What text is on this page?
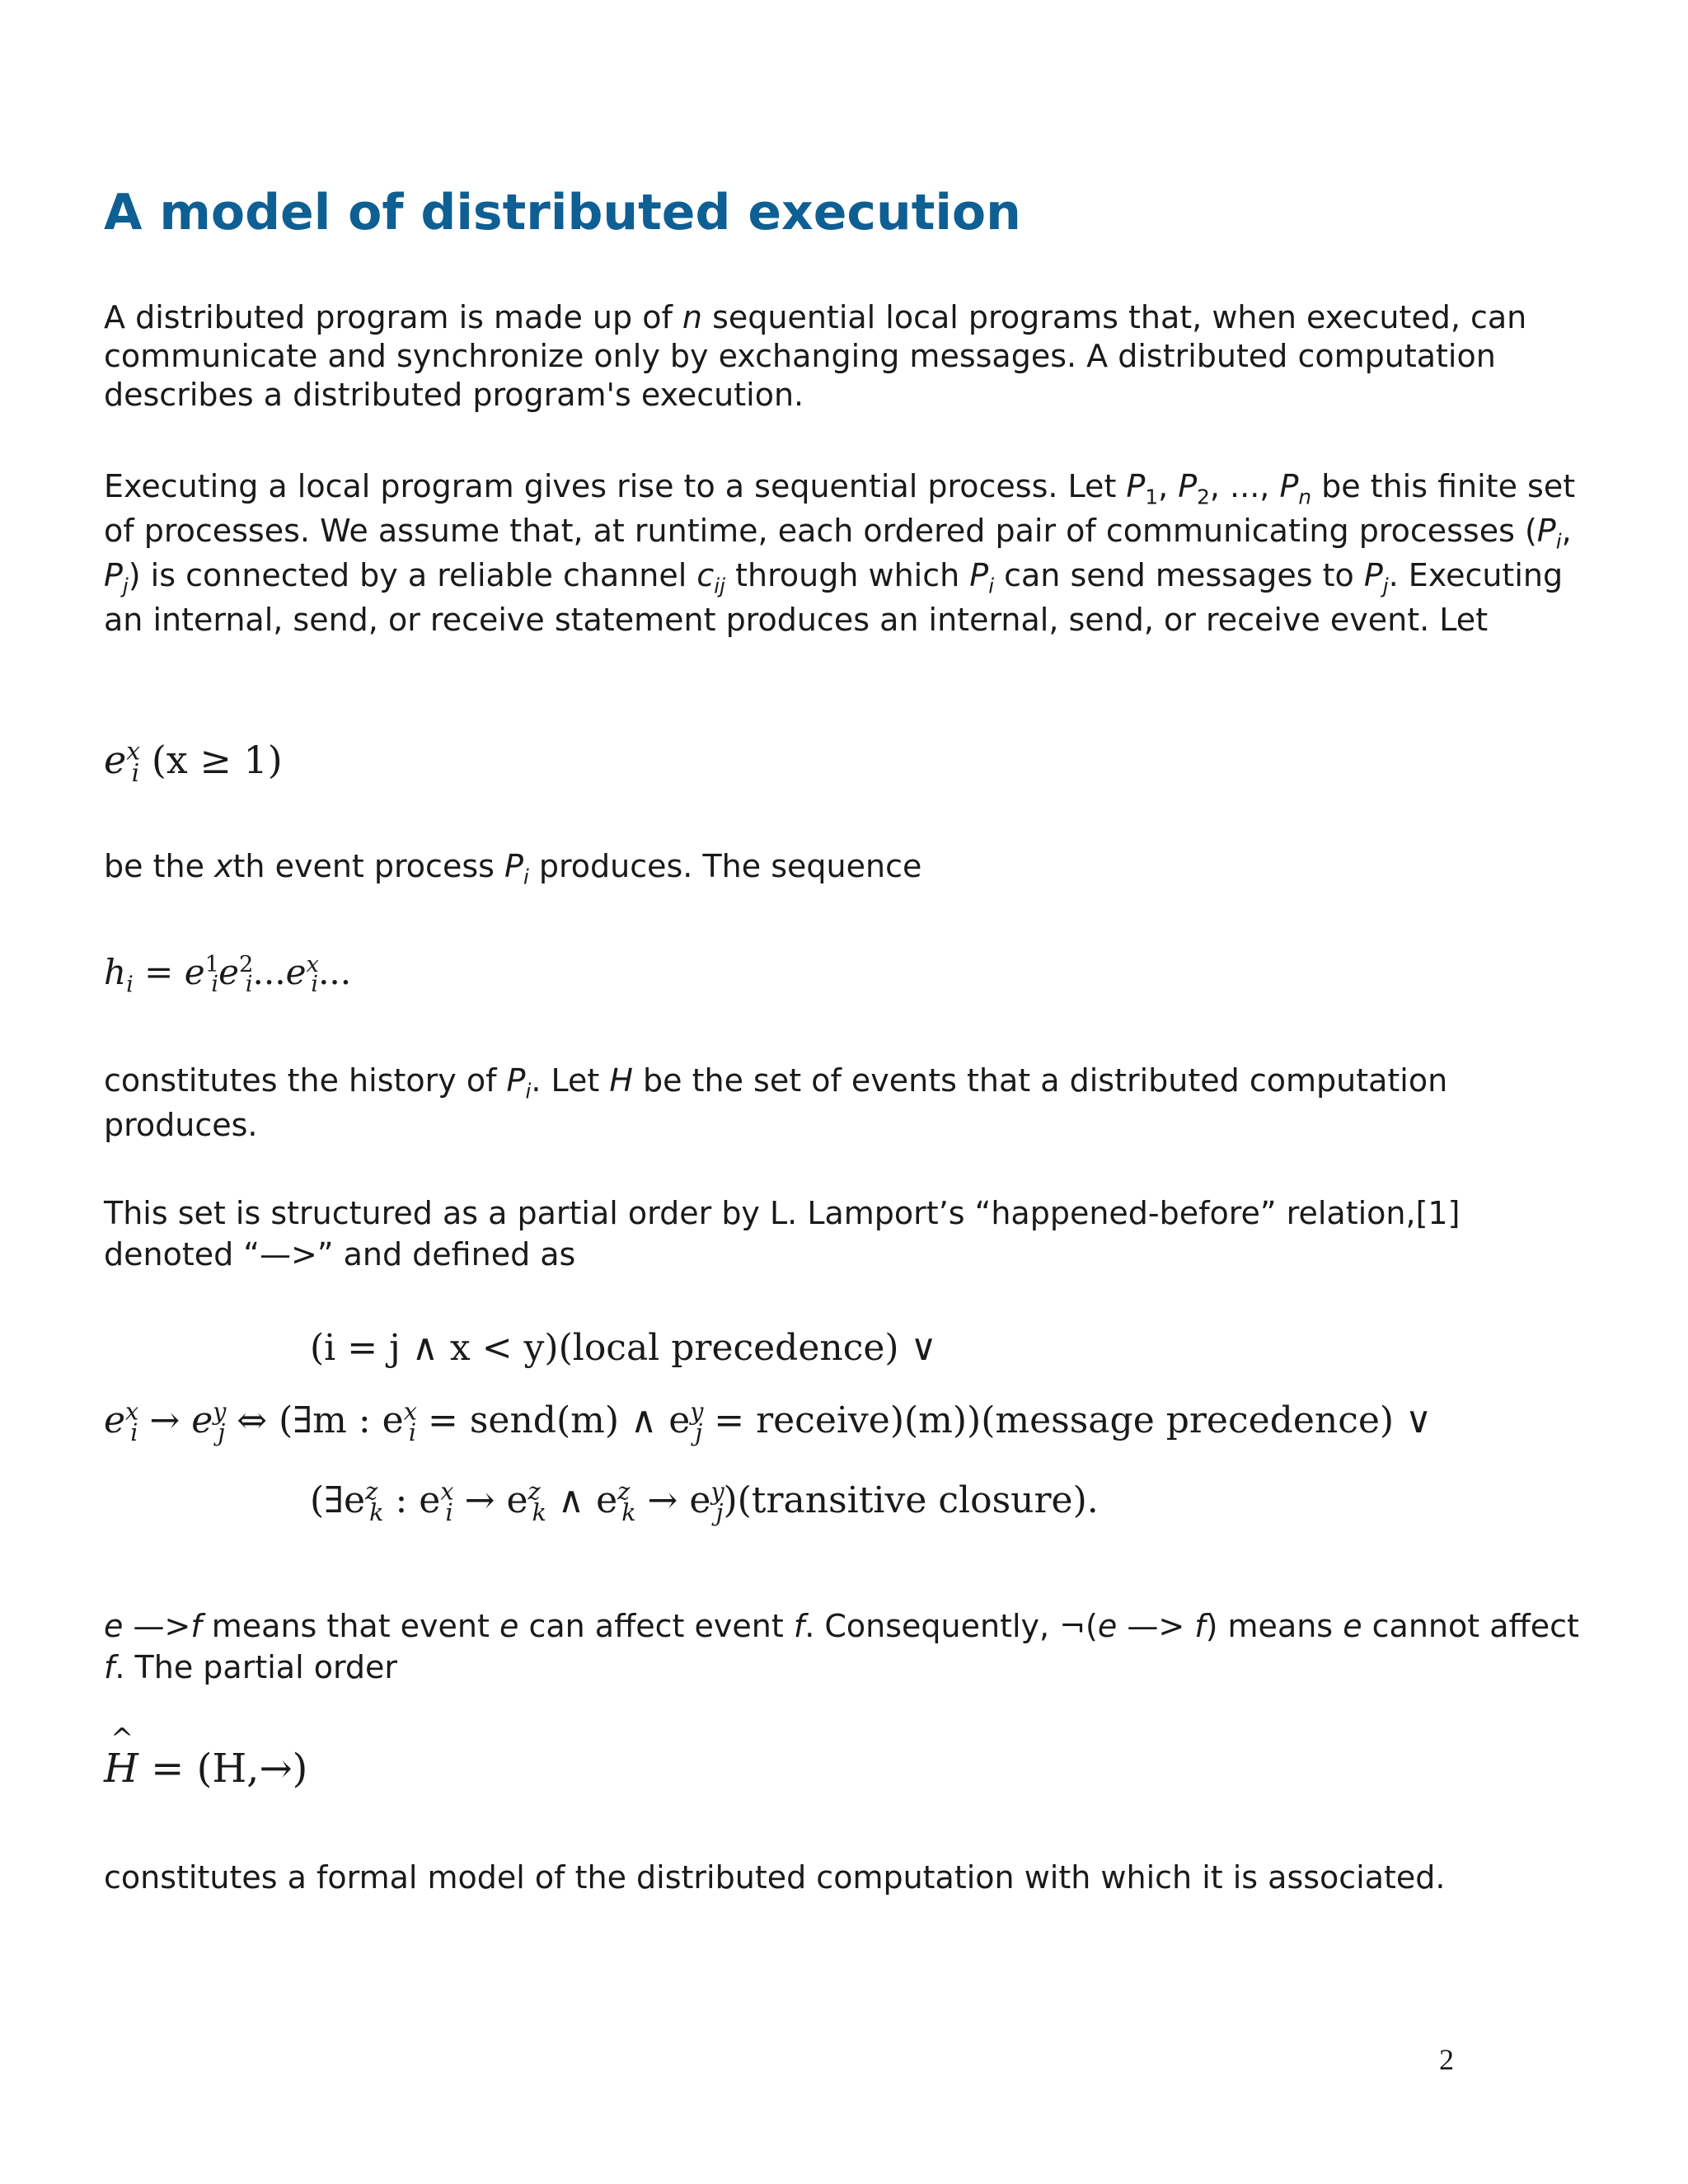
A model of distributed execution

A distributed program is made up of n sequential local programs that, when executed, can communicate and synchronize only by exchanging messages. A distributed computation describes a distributed program's execution.

Executing a local program gives rise to a sequential process. Let $P_1$, $P_2$, ..., $P_n$ be this finite set of processes. We assume that, at runtime, each ordered pair of communicating processes ($P_i$, $P_j$) is connected by a reliable channel $c_{ij}$ through which $P_i$ can send messages to $P_j$. Executing an internal, send, or receive statement produces an internal, send, or receive event. Let

$e^x_i$ (x ≥ 1)

be the xth event process $P_i$ produces. The sequence

$h_i = e^1_ie^2_i...e^x_i$...

constitutes the history of $P_i$. Let H be the set of events that a distributed computation produces.

This set is structured as a partial order by L. Lamport’s “happened-before” relation,[1] denoted “—>” and defined as

(i = j ∧ x < y)(local precedence) ∨
$e^x_i \to e^y_j$ ⇔ (∃m : $e^x_i$ = send(m) ∧ $e^y_j$ = receive)(m))(message precedence) ∨
($\exists e^z_k$ : $e^x_i \to e^z_k$ ∧ $e^z_k$ → $e^y_j)(transitive$ closure).

e —>f means that event e can affect event f. Consequently, ¬(e —> f) means e cannot affect f. The partial order

^ H = (H,→)

constitutes a formal model of the distributed computation with which it is associated.

2
